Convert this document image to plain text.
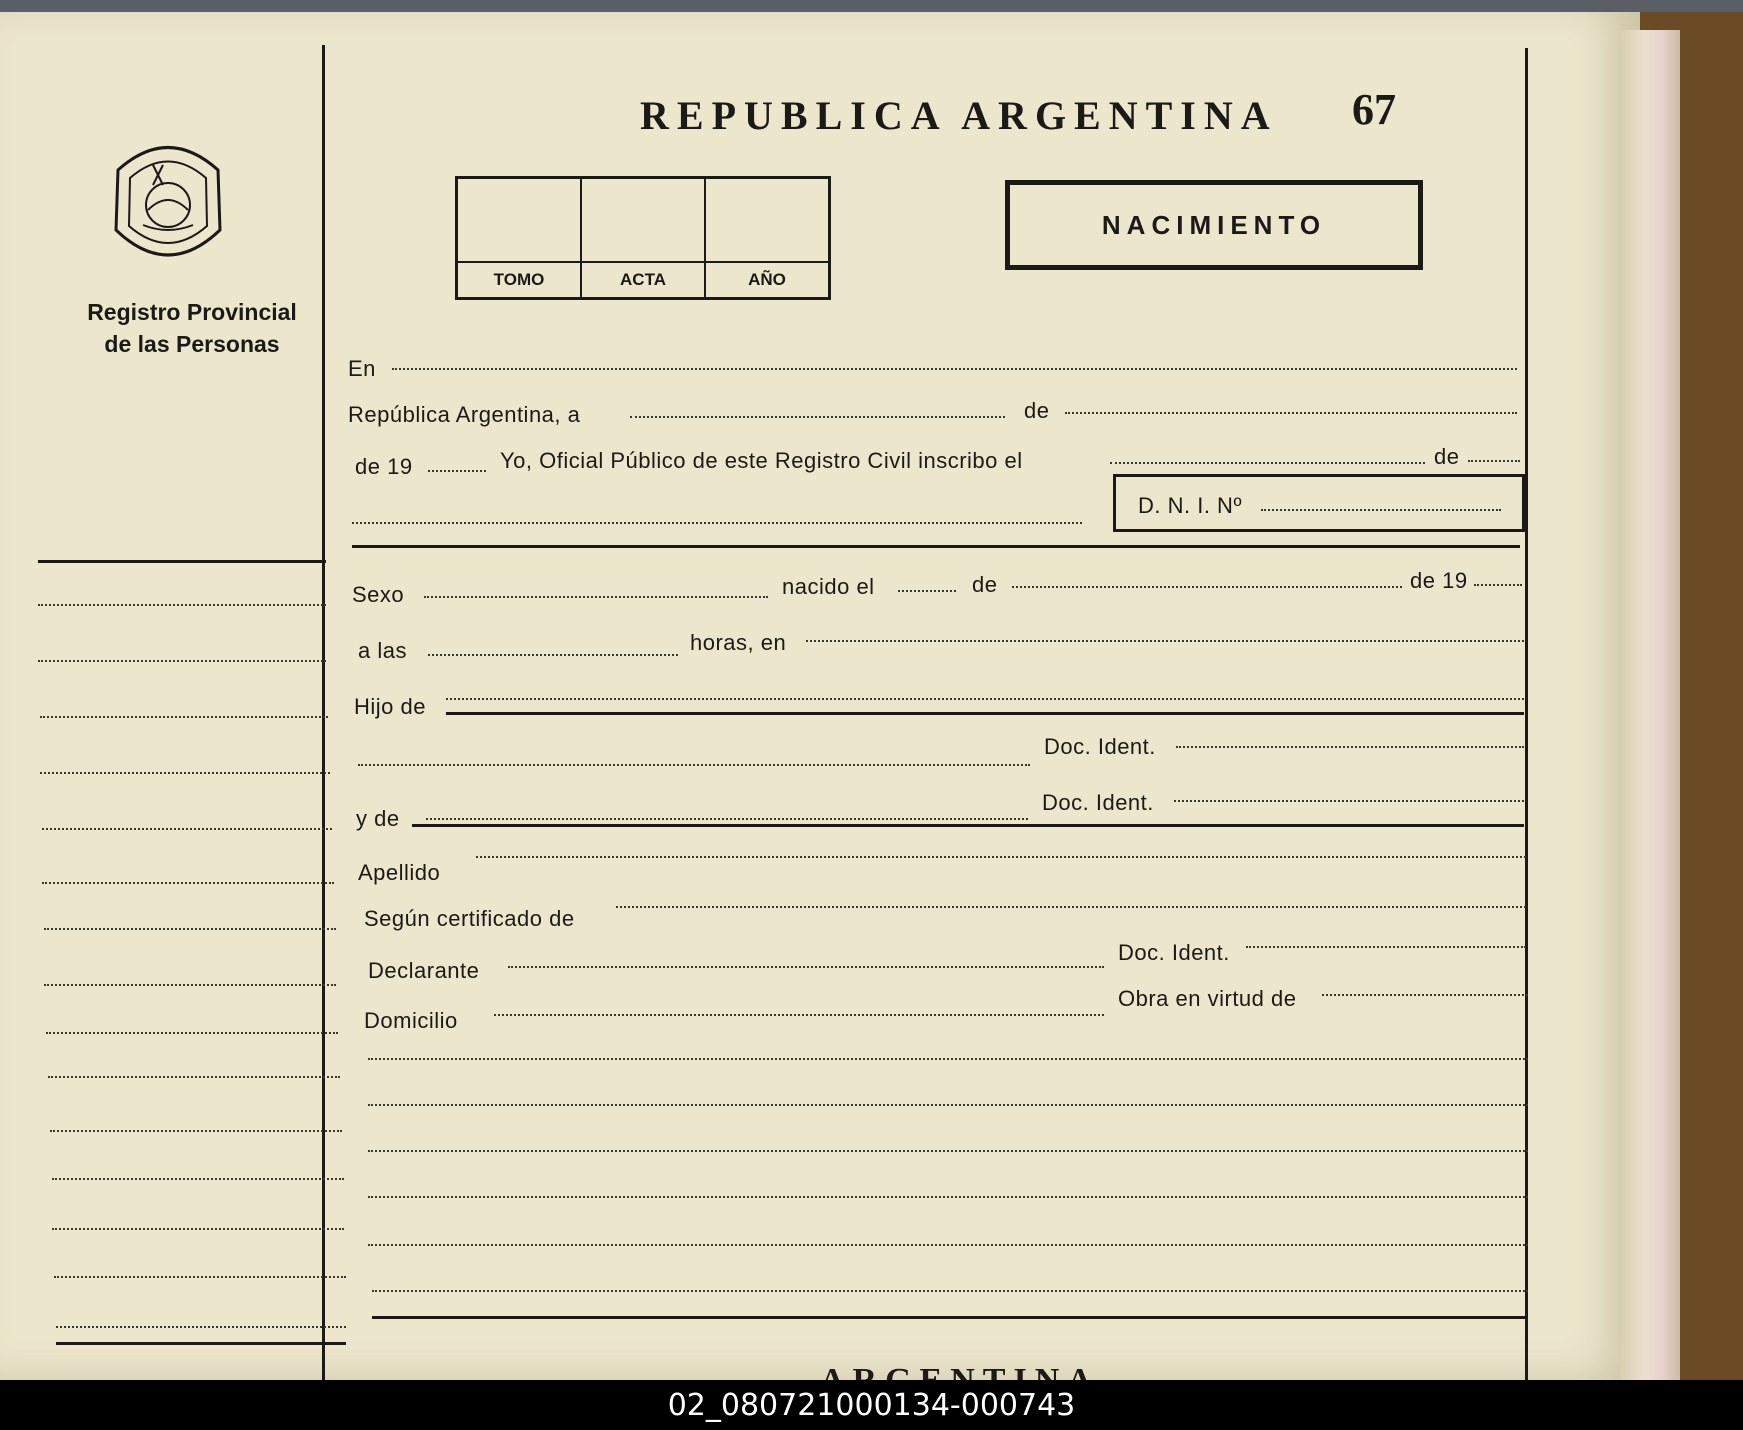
Registro Provincial
de las Personas
REPUBLICA ARGENTINA 67
TOMO	ACTA	AÑO
NACIMIENTO
En
República Argentina, a	de
de 19	Yo, Oficial Público de este Registro Civil inscribo el	de
D. N. I. Nº
Sexo	nacido el	de	de 19
a las	horas, en
Hijo de
Doc. Ident.
y de
Doc. Ident.
Apellido
Según certificado de
Declarante
Doc. Ident.
Domicilio
Obra en virtud de
02_080721000134-000743
